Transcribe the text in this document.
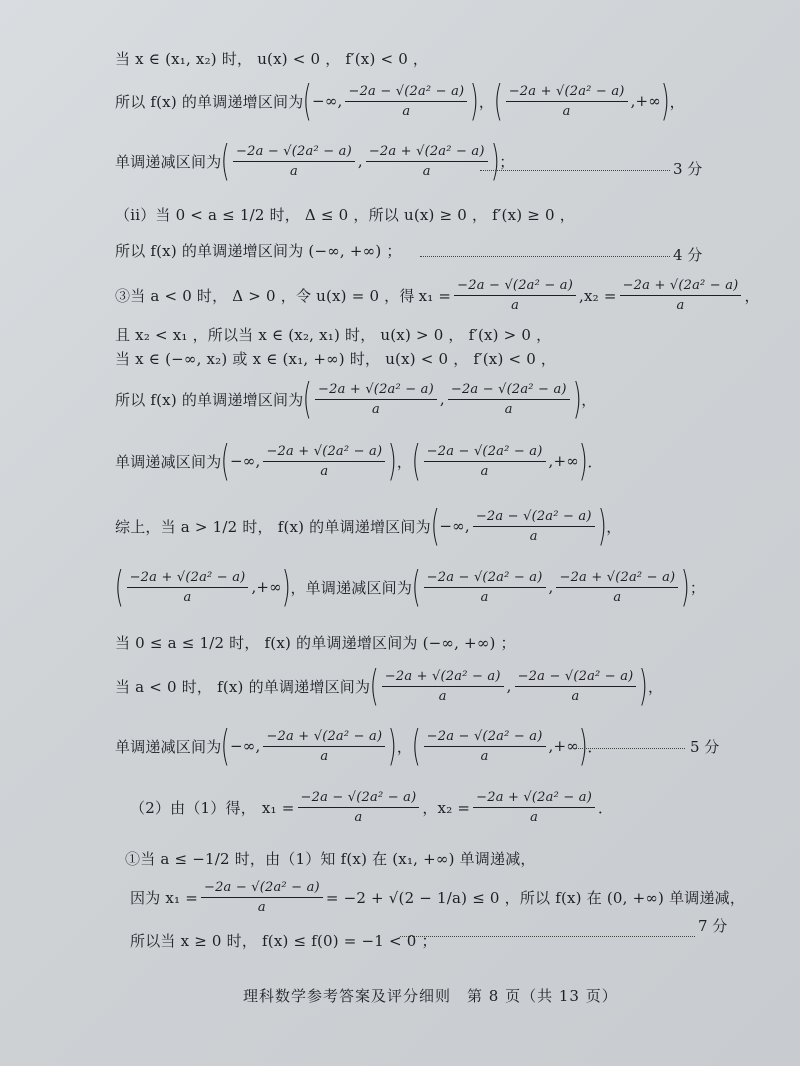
当 x ∈ (x₁, x₂) 时， u(x) < 0 ， f′(x) < 0 ，
所以 f(x) 的单调递增区间为 ( −∞, $\frac{\text{−2a − √(2a² − a)}}{a}$ ) ， ( $\frac{\text{−2a + √(2a² − a)}}{a}$ ,+∞ ) ，
单调递减区间为 ( $\frac{\text{−2a − √(2a² − a)}}{a}$ , $\frac{\text{−2a + √(2a² − a)}}{a}$ ) ；	3 分
（ii）当 0 < a ≤ 1/2 时， Δ ≤ 0 ，所以 u(x) ≥ 0 ， f′(x) ≥ 0 ，
所以 f(x) 的单调递增区间为 (−∞, +∞) ；	4 分
③当 a < 0 时， Δ > 0 ，令 u(x) = 0 ，得 $x_1 = \frac{\text{−2a − √(2a² − a)}}{a}$ , $x_2 = \frac{\text{−2a + √(2a² − a)}}{a}$ ，
且 x₂ < x₁ ，所以当 x ∈ (x₂, x₁) 时， u(x) > 0 ， f′(x) > 0 ，
当 x ∈ (−∞, x₂) 或 x ∈ (x₁, +∞) 时， u(x) < 0 ， f′(x) < 0 ，
所以 f(x) 的单调递增区间为 ( $\frac{\text{−2a + √(2a² − a)}}{a}$ , $\frac{\text{−2a − √(2a² − a)}}{a}$ ) ，
单调递减区间为 ( −∞, $\frac{\text{−2a + √(2a² − a)}}{a}$ ) ， ( $\frac{\text{−2a − √(2a² − a)}}{a}$ ,+∞ ) ．
综上，当 a > 1/2 时， f(x) 的单调递增区间为 ( −∞, $\frac{\text{−2a − √(2a² − a)}}{a}$ ) ，
( $\frac{\text{−2a + √(2a² − a)}}{a}$ ,+∞ ) ，单调递减区间为 ( $\frac{\text{−2a − √(2a² − a)}}{a}$ , $\frac{\text{−2a + √(2a² − a)}}{a}$ ) ；
当 0 ≤ a ≤ 1/2 时， f(x) 的单调递增区间为 (−∞, +∞) ；
当 a < 0 时， f(x) 的单调递增区间为 ( $\frac{\text{−2a + √(2a² − a)}}{a}$ , $\frac{\text{−2a − √(2a² − a)}}{a}$ ) ，
单调递减区间为 ( −∞, $\frac{\text{−2a + √(2a² − a)}}{a}$ ) ， ( $\frac{\text{−2a − √(2a² − a)}}{a}$ ,+∞ ) ．	5 分
（2）由（1）得， $x_1 = \frac{\text{−2a − √(2a² − a)}}{a}$ ， $x_2 = \frac{\text{−2a + √(2a² − a)}}{a}$ ．
①当 a ≤ −1/2 时，由（1）知 f(x) 在 (x₁, +∞) 单调递减，
因为 $x_1 = \frac{\text{−2a − √(2a² − a)}}{a} = -2 + √(2 - 1/a) \le 0$ ，所以 f(x) 在 (0, +∞) 单调递减，
所以当 x ≥ 0 时， f(x) ≤ f(0) = −1 < 0 ；
7 分
理科数学参考答案及评分细则　第 8 页（共 13 页）
